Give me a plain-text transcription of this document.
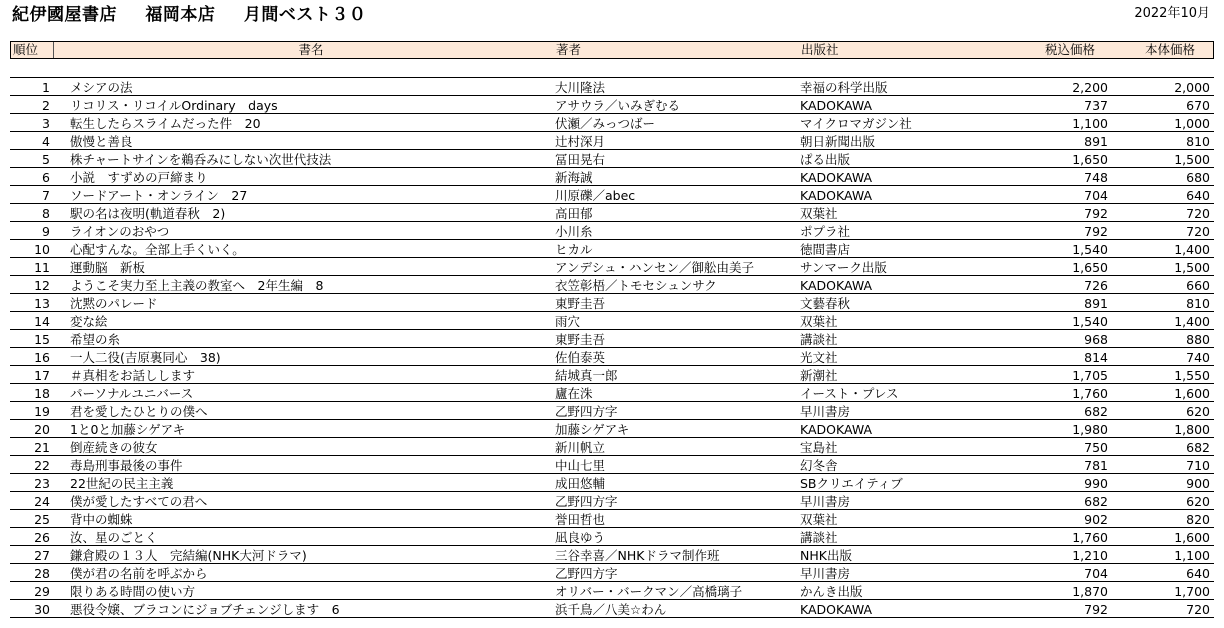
紀伊國屋書店 福岡本店 月間ベスト３０	2022年10月
順位	書名	著者	出版社	税込価格	本体価格
1 メシアの法	大川隆法	幸福の科学出版	2,200	2,000
2 リコリス・リコイルOrdinary　days	アサウラ／いみぎむる	KADOKAWA	737	670
3 転生したらスライムだった件　20	伏瀬／みっつばー	マイクロマガジン社	1,100	1,000
4 傲慢と善良	辻村深月	朝日新聞出版	891	810
5 株チャートサインを鵜呑みにしない次世代技法	冨田晃右	ぱる出版	1,650	1,500
6 小説　すずめの戸締まり	新海誠	KADOKAWA	748	680
7 ソードアート・オンライン　27	川原礫／abec	KADOKAWA	704	640
8 駅の名は夜明(軌道春秋　2)	高田郁	双葉社	792	720
9 ライオンのおやつ	小川糸	ポプラ社	792	720
10 心配すんな。全部上手くいく。	ヒカル	徳間書店	1,540	1,400
11 運動脳　新板	アンデシュ・ハンセン／御舩由美子	サンマーク出版	1,650	1,500
12 ようこそ実力至上主義の教室へ　2年生編　8	衣笠彰梧／トモセシュンサク	KADOKAWA	726	660
13 沈黙のパレード	東野圭吾	文藝春秋	891	810
14 変な絵	雨穴	双葉社	1,540	1,400
15 希望の糸	東野圭吾	講談社	968	880
16 一人二役(吉原裏同心　38)	佐伯泰英	光文社	814	740
17 ＃真相をお話しします	結城真一郎	新潮社	1,705	1,550
18 パーソナルユニバース	廬在洙	イースト・プレス	1,760	1,600
19 君を愛したひとりの僕へ	乙野四方字	早川書房	682	620
20 1と0と加藤シゲアキ	加藤シゲアキ	KADOKAWA	1,980	1,800
21 倒産続きの彼女	新川帆立	宝島社	750	682
22 毒島刑事最後の事件	中山七里	幻冬舎	781	710
23 22世紀の民主主義	成田悠輔	SBクリエイティブ	990	900
24 僕が愛したすべての君へ	乙野四方字	早川書房	682	620
25 背中の蜘蛛	誉田哲也	双葉社	902	820
26 汝、星のごとく	凪良ゆう	講談社	1,760	1,600
27 鎌倉殿の１３人　完結編(NHK大河ドラマ)	三谷幸喜／NHKドラマ制作班	NHK出版	1,210	1,100
28 僕が君の名前を呼ぶから	乙野四方字	早川書房	704	640
29 限りある時間の使い方	オリバー・バークマン／高橋璃子	かんき出版	1,870	1,700
30 悪役令嬢、ブラコンにジョブチェンジします　6	浜千鳥／八美☆わん	KADOKAWA	792	720
